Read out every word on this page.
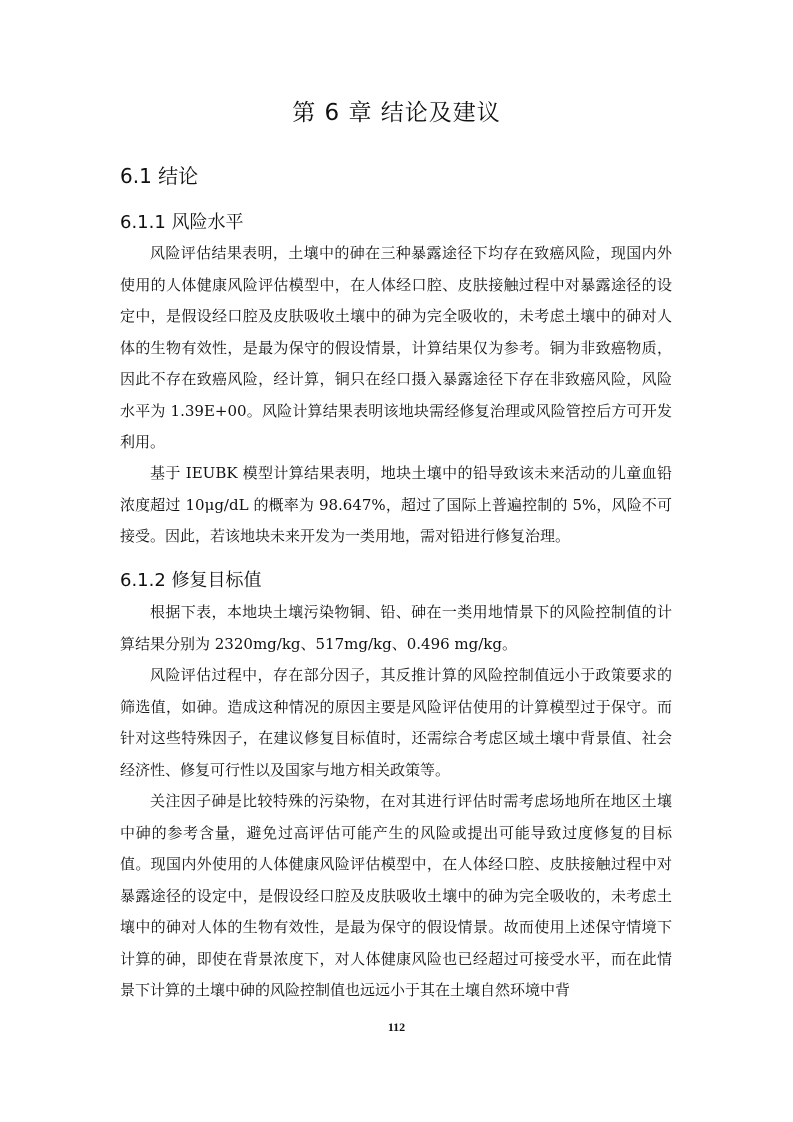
第 6 章 结论及建议
6.1 结论
6.1.1 风险水平

风险评估结果表明，土壤中的砷在三种暴露途径下均存在致癌风险，现国内外使用的人体健康风险评估模型中，在人体经口腔、皮肤接触过程中对暴露途径的设定中，是假设经口腔及皮肤吸收土壤中的砷为完全吸收的，未考虑土壤中的砷对人体的生物有效性，是最为保守的假设情景，计算结果仅为参考。铜为非致癌物质，因此不存在致癌风险，经计算，铜只在经口摄入暴露途径下存在非致癌风险，风险水平为 1.39E+00。风险计算结果表明该地块需经修复治理或风险管控后方可开发利用。

基于 IEUBK 模型计算结果表明，地块土壤中的铅导致该未来活动的儿童血铅浓度超过 10μg/dL 的概率为 98.647%，超过了国际上普遍控制的 5%，风险不可接受。因此，若该地块未来开发为一类用地，需对铅进行修复治理。

6.1.2 修复目标值

根据下表，本地块土壤污染物铜、铅、砷在一类用地情景下的风险控制值的计算结果分别为 2320mg/kg、517mg/kg、0.496 mg/kg。

风险评估过程中，存在部分因子，其反推计算的风险控制值远小于政策要求的筛选值，如砷。造成这种情况的原因主要是风险评估使用的计算模型过于保守。而针对这些特殊因子，在建议修复目标值时，还需综合考虑区域土壤中背景值、社会经济性、修复可行性以及国家与地方相关政策等。

关注因子砷是比较特殊的污染物，在对其进行评估时需考虑场地所在地区土壤中砷的参考含量，避免过高评估可能产生的风险或提出可能导致过度修复的目标值。现国内外使用的人体健康风险评估模型中，在人体经口腔、皮肤接触过程中对暴露途径的设定中，是假设经口腔及皮肤吸收土壤中的砷为完全吸收的，未考虑土壤中的砷对人体的生物有效性，是最为保守的假设情景。故而使用上述保守情境下计算的砷，即使在背景浓度下，对人体健康风险也已经超过可接受水平，而在此情景下计算的土壤中砷的风险控制值也远远小于其在土壤自然环境中背

112
